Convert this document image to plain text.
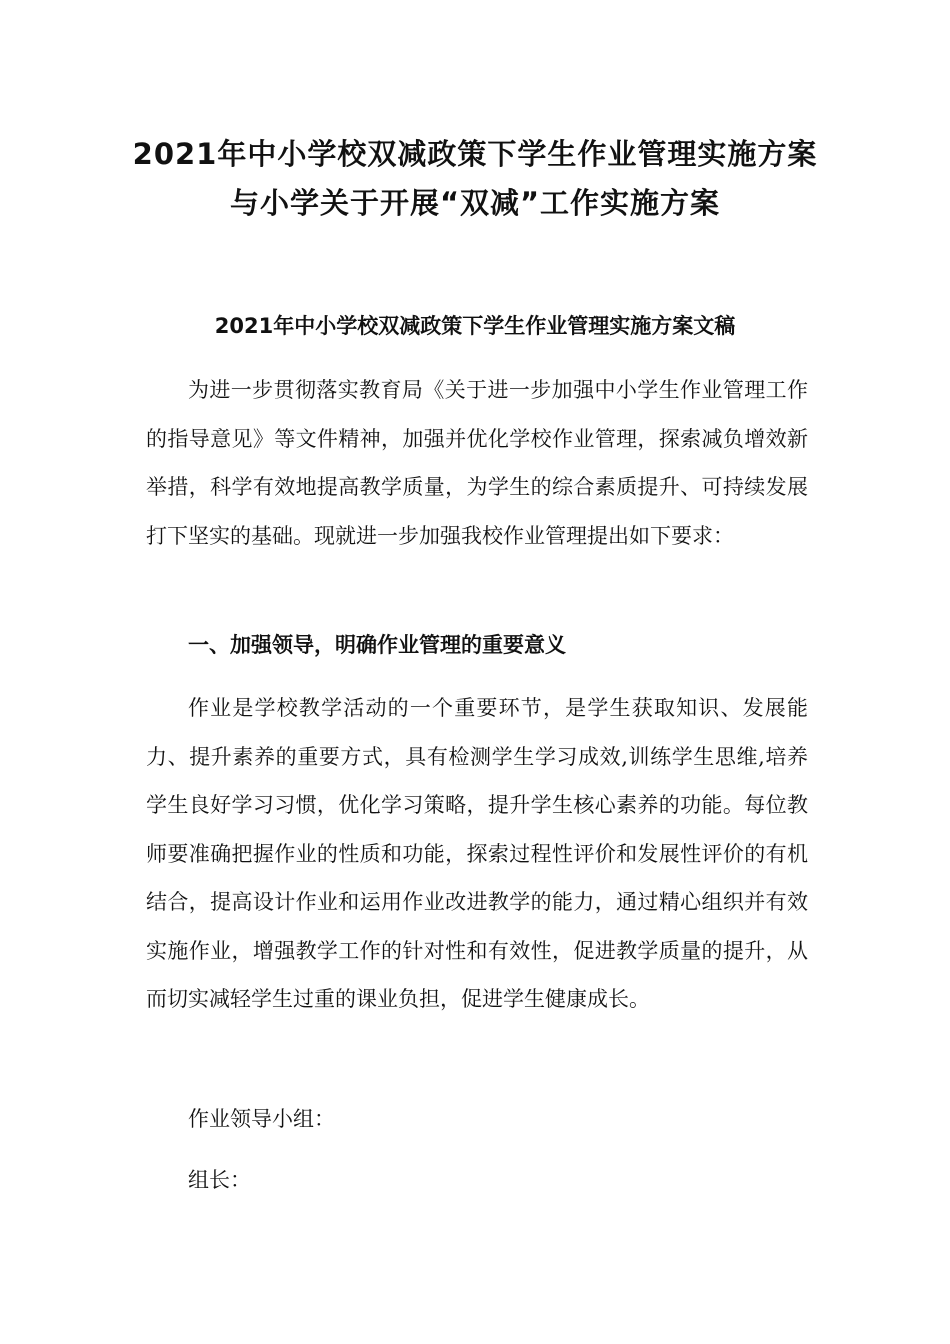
2021年中小学校双减政策下学生作业管理实施方案
与小学关于开展“双减”工作实施方案
2021年中小学校双减政策下学生作业管理实施方案文稿

为进一步贯彻落实教育局《关于进一步加强中小学生作业管理工作的指导意见》等文件精神，加强并优化学校作业管理，探索减负增效新举措，科学有效地提高教学质量，为学生的综合素质提升、可持续发展打下坚实的基础。现就进一步加强我校作业管理提出如下要求：

一、加强领导，明确作业管理的重要意义

作业是学校教学活动的一个重要环节，是学生获取知识、发展能力、提升素养的重要方式，具有检测学生学习成效,训练学生思维,培养学生良好学习习惯，优化学习策略，提升学生核心素养的功能。每位教师要准确把握作业的性质和功能，探索过程性评价和发展性评价的有机结合，提高设计作业和运用作业改进教学的能力，通过精心组织并有效实施作业，增强教学工作的针对性和有效性，促进教学质量的提升，从而切实减轻学生过重的课业负担，促进学生健康成长。

作业领导小组：
组长：
